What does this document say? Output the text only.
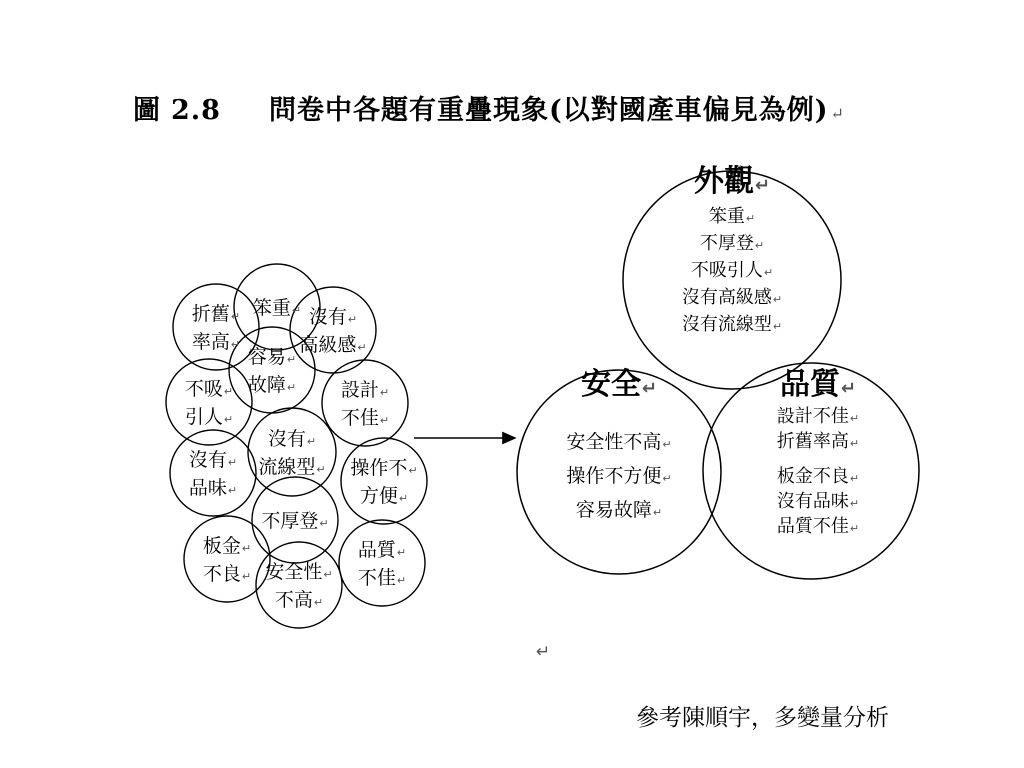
圖 2.8 問卷中各題有重疊現象(以對國產車偏見為例) ↵
笨重↵
折舊↵
率高↵
沒有↵
高級感↵
容易↵
故障↵
不吸↵
引人↵
設計↵
不佳↵
沒有↵
流線型↵
沒有↵
品味↵
操作不↵
方便↵
不厚登↵
板金↵
不良↵ 安全性↵
不高↵
品質↵
不佳↵
外觀↵
笨重↵
不厚登↵
不吸引人↵
沒有高級感↵
沒有流線型↵
安全↵
安全性不高↵
操作不方便↵
容易故障↵
品質↵
設計不佳↵
折舊率高↵
板金不良↵
沒有品味↵
品質不佳↵
↵
參考陳順宇，多變量分析
